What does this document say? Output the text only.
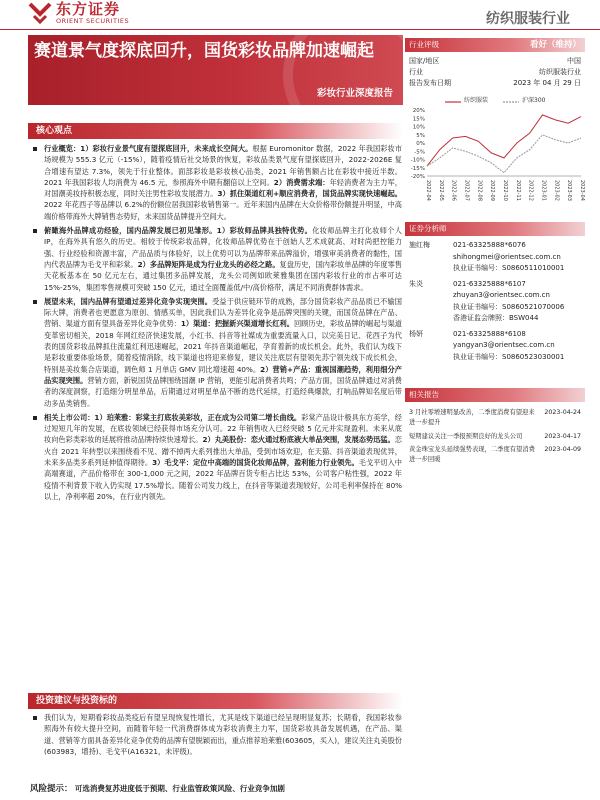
东方证券
ORIENT SECURITIES	纺织服装行业
赛道景气度探底回升，国货彩妆品牌加速崛起
彩妆行业深度报告
核心观点

行业概览：1）彩妆行业景气度有望探底回升，未来成长空间大。根据 Euromonitor 数据，2022 年我国彩妆市场规模为 555.3 亿元（-15%），随着疫情后社交场景的恢复，彩妆品类景气度有望探底回升，2022-2026E 复合增速有望达 7.3%，领先于行业整体。面部彩妆是彩妆核心品类，2021 年销售额占比在彩妆中接近半数。2021 年我国彩妆人均消费为 46.5 元，参照海外中期有翻倍以上空间。2）消费需求端：年轻消费者为主力军，对国潮美妆持积极态度，同时关注男性彩妆发展潜力。3）抓住渠道红利+顺应消费者，国货品牌实现快速崛起。2022 年花西子等品牌以 6.2%的份额位居我国彩妆销售第一。近年来国内品牌在大众价格带份额提升明显，中高端价格带海外大牌销售态势好，未来国货品牌提升空间大。

俯瞰海外品牌成功经验，国内品牌发展已初见雏形。1）彩妆师品牌具独特优势。化妆师品牌主打化妆师个人 IP，在海外具有悠久的历史。相较于传统彩妆品牌，化妆师品牌优势在于创始人艺术成就高、对时尚把控能力强、行业经验和资源丰富，产品品质与体验好，以上优势可以为品牌带来品牌溢价，增强审美消费者的黏性，国内代表品牌为毛戈平和彩棠。2）多品牌矩阵是成为行业龙头的必经之路。复盘历史，国内彩妆单品牌的年度零售天花板基本在 50 亿元左右，通过集团多品牌发展，龙头公司例如欧莱雅集团在国内彩妆行业的市占率可达 15%-25%，集团零售规模可突破 150 亿元，通过全面覆盖低/中/高价格带，满足不同消费群体需求。

展望未来，国内品牌有望通过差异化竞争实现突围。受益于供应链环节的成熟，部分国货彩妆产品品质已不输国际大牌，消费者也更愿意为原创、情感买单，因此我们认为差异化竞争是品牌突围的关键，而国货品牌在产品、营销、渠道方面有望具备差异化竞争优势：1）渠道：把握新兴渠道增长红利。回顾历史，彩妆品牌的崛起与渠道变革密切相关，2018 年网红经济快速发展，小红书、抖音等社媒成为重要流量入口，以完美日记、花西子为代表的国货彩妆品牌抓住流量红利迅速崛起，2021 年抖音渠道崛起，孕育着新的成长机会。此外，我们认为线下是彩妆重要体验场景，随着疫情消除，线下渠道也将迎来修复，建议关注底层有望领先苏宁领先线下成长机会，特别是美妆集合店渠道，调色师 1 月单店 GMV 同比增速超 40%。2）营销+产品：重视国潮趋势，利用细分产品实现突围。营销方面，新锐国货品牌围绕国潮 IP 营销，更能引起消费者共鸣；产品方面，国货品牌通过对消费者的深度洞察，打造细分明星单品，后期通过对明星单品不断的迭代延续，打造经典爆款，打响品牌知名度后带动多品类销售。

相关上市公司：1）珀莱雅：彩棠主打底妆美彩妆，正在成为公司第二增长曲线。彩棠产品设计极具东方美学，经过短短几年的发展，在底妆领域已经获得市场充分认可。22 年销售收入已经突破 5 亿元并实现盈利。未来从底妆向色彩类彩妆的延展将推动品牌持续快速增长。2）丸美股份：恋火通过粉底液大单品突围，发展态势迅猛。恋火自 2021 年转型以来围绕看不见、蹭不掉两大系列推出大单品，受到市场欢迎，在天猫、抖音渠道表现优异，未来多品类多系列延伸值得期待。3）毛戈平：定位中高端的国货化妆师品牌，盈利能力行业领先。毛戈平切入中高端赛道，产品价格带在 300-1,000 元之间，2022 年品牌百货专柜占比达 53%，公司客户粘性强，2022 年疫情不利背景下收入仍实现 17.5%增长。随着公司发力线上，在抖音等渠道表现较好，公司毛利率保持在 80%以上，净利率超 20%，在行业内领先。

投资建议与投资标的

我们认为，短期看彩妆品类疫后有望呈现恢复性增长，尤其是线下渠道已经呈现明显复苏；长期看，我国彩妆参照海外有较大提升空间，而随着年轻一代消费群体成为彩妆消费主力军，国货彩妆具备发展机遇，在产品、渠道、营销等方面具备差异化竞争优势的品牌有望脱颖而出，重点推荐珀莱雅(603605，买入)，建议关注丸美股份(603983，增持)、毛戈平(A16321，未评级)。

风险提示： 可选消费复苏进度低于预期、行业监管政策风险、行业竞争加剧
行业评级	看好（维持）
国家/地区	中国
行业	纺织服装行业
报告发布日期	2023 年 04 月 29 日
纺织服装	沪深300
20%
15%
10%
5%
0%
-5%
-10%
-15%
-20%
2022-04 2022-05 2022-06 2022-07 2022-08 2022-09 2022-10 2022-11 2022-12 2023-01 2023-02 2023-03 2023-04
证券分析师
施红梅	021-63325888*6076
shihongmei@orientsec.com.cn
执业证书编号：S0860511010001
朱炎	021-63325888*6107
zhuyan3@orientsec.com.cn
执业证书编号：S0860521070006
香港证监会牌照：BSW044
杨妍	021-63325888*6108
yangyan3@orientsec.com.cn
执业证书编号：S0860523030001
相关报告
3 月社零增速明显改善，二季度消费有望迎来进一步提升
2023-04-24
短期建议关注一季报预期良好的龙头公司	2023-04-17
黄金珠宝龙头延续强势表现，二季度有望消费进一步回暖
2023-04-09
